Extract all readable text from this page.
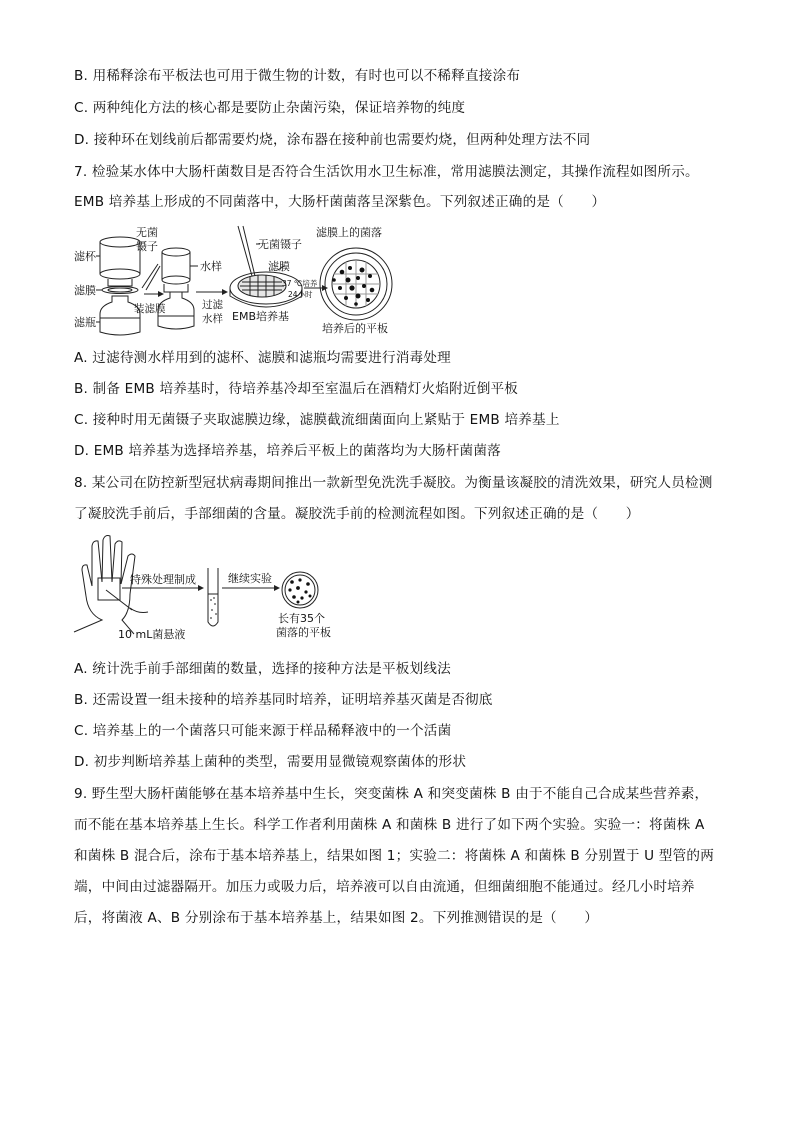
B. 用稀释涂布平板法也可用于微生物的计数，有时也可以不稀释直接涂布
C. 两种纯化方法的核心都是要防止杂菌污染，保证培养物的纯度
D. 接种环在划线前后都需要灼烧，涂布器在接种前也需要灼烧，但两种处理方法不同
7. 检验某水体中大肠杆菌数目是否符合生活饮用水卫生标准，常用滤膜法测定，其操作流程如图所示。
EMB 培养基上形成的不同菌落中，大肠杆菌菌落呈深紫色。下列叙述正确的是（　　）
滤杯
滤膜
滤瓶
无菌
镊子
装滤膜
水样
过滤
水样
无菌镊子
滤膜
EMB培养基
37 ℃培养
24小时
滤膜上的菌落
培养后的平板
A. 过滤待测水样用到的滤杯、滤膜和滤瓶均需要进行消毒处理
B. 制备 EMB 培养基时，待培养基冷却至室温后在酒精灯火焰附近倒平板
C. 接种时用无菌镊子夹取滤膜边缘，滤膜截流细菌面向上紧贴于 EMB 培养基上
D. EMB 培养基为选择培养基，培养后平板上的菌落均为大肠杆菌菌落
8. 某公司在防控新型冠状病毒期间推出一款新型免洗洗手凝胶。为衡量该凝胶的清洗效果，研究人员检测
了凝胶洗手前后，手部细菌的含量。凝胶洗手前的检测流程如图。下列叙述正确的是（　　）
特殊处理制成	继续实验
10 mL菌悬液
长有35个
菌落的平板
A. 统计洗手前手部细菌的数量，选择的接种方法是平板划线法
B. 还需设置一组未接种的培养基同时培养，证明培养基灭菌是否彻底
C. 培养基上的一个菌落只可能来源于样品稀释液中的一个活菌
D. 初步判断培养基上菌种的类型，需要用显微镜观察菌体的形状
9. 野生型大肠杆菌能够在基本培养基中生长，突变菌株 A 和突变菌株 B 由于不能自己合成某些营养素，
而不能在基本培养基上生长。科学工作者利用菌株 A 和菌株 B 进行了如下两个实验。实验一：将菌株 A
和菌株 B 混合后，涂布于基本培养基上，结果如图 1；实验二：将菌株 A 和菌株 B 分别置于 U 型管的两
端，中间由过滤器隔开。加压力或吸力后，培养液可以自由流通，但细菌细胞不能通过。经几小时培养
后，将菌液 A、B 分别涂布于基本培养基上，结果如图 2。下列推测错误的是（　　）
